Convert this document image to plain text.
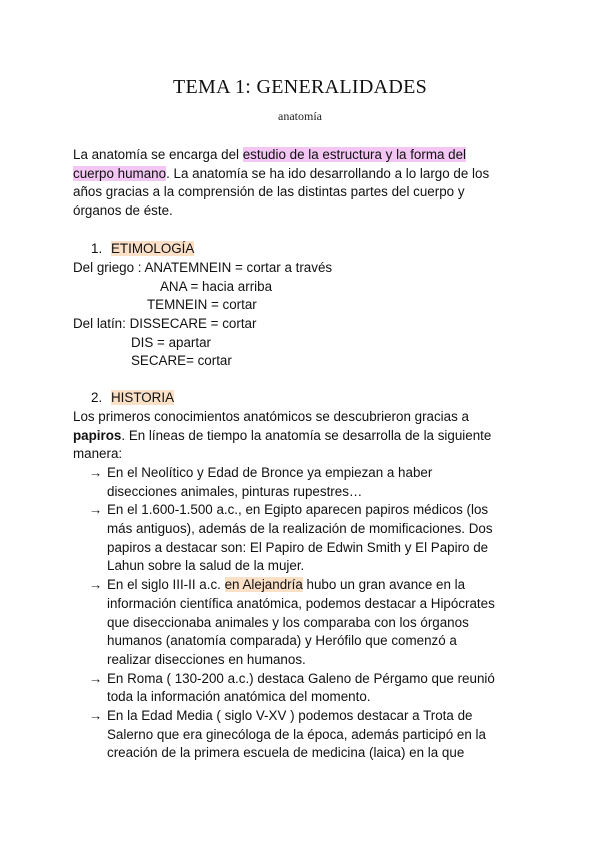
TEMA 1: GENERALIDADES
anatomía
La anatomía se encarga del estudio de la estructura y la forma del
cuerpo humano. La anatomía se ha ido desarrollando a lo largo de los
años gracias a la comprensión de las distintas partes del cuerpo y
órganos de éste.
1. ETIMOLOGÍA
Del griego : ANATEMNEIN = cortar a través
ANA = hacia arriba
TEMNEIN = cortar
Del latín: DISSECARE = cortar
DIS = apartar
SECARE= cortar
2. HISTORIA
Los primeros conocimientos anatómicos se descubrieron gracias a
papiros. En líneas de tiempo la anatomía se desarrolla de la siguiente
manera:
→ En el Neolítico y Edad de Bronce ya empiezan a haber
disecciones animales, pinturas rupestres…
→ En el 1.600-1.500 a.c., en Egipto aparecen papiros médicos (los
más antiguos), además de la realización de momificaciones. Dos
papiros a destacar son: El Papiro de Edwin Smith y El Papiro de
Lahun sobre la salud de la mujer.
→ En el siglo III-II a.c. en Alejandría hubo un gran avance en la
información científica anatómica, podemos destacar a Hipócrates
que diseccionaba animales y los comparaba con los órganos
humanos (anatomía comparada) y Herófilo que comenzó a
realizar disecciones en humanos.
→ En Roma ( 130-200 a.c.) destaca Galeno de Pérgamo que reunió
toda la información anatómica del momento.
→ En la Edad Media ( siglo V-XV ) podemos destacar a Trota de
Salerno que era ginecóloga de la época, además participó en la
creación de la primera escuela de medicina (laica) en la que
